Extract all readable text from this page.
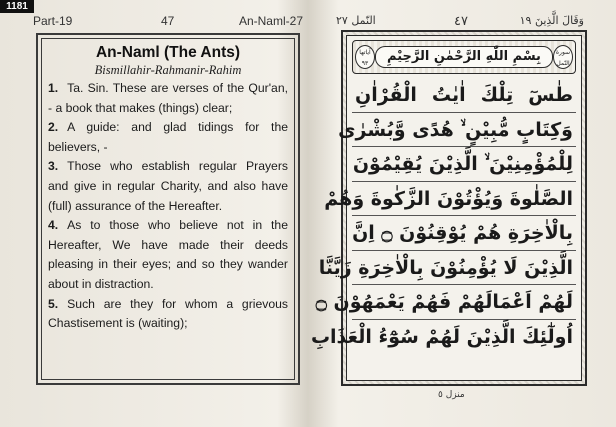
1181
Part-19	47	An-Naml-27
An-Naml (The Ants)
Bismillahir-Rahmanir-Rahim

1. Ta. Sin. These are verses of the Qur'an, - a book that makes (things) clear;

2. A guide: and glad tidings for the believers, -

3. Those who establish regular Prayers and give in regular Charity, and also have (full) assurance of the Hereafter.

4. As to those who believe not in the Hereafter, We have made their deeds pleasing in their eyes; and so they wander about in distraction.

5. Such are they for whom a grievous Chastisement is (waiting);

النّمل ٢٧	٤٧	وَقَالَ الَّذِينَ ١٩
آياتها
٩٣	بِسْمِ اللّٰهِ الرَّحْمٰنِ الرَّحِيْمِ	سورة
النّمل
طٰسٓ تِلْكَ اٰيٰتُ الْقُرْاٰنِ
وَكِتَابٍ مُّبِيْنٍ ۙ هُدًى وَّبُشْرٰى
لِلْمُؤْمِنِيْنَ ۙ الَّذِيْنَ يُقِيْمُوْنَ
الصَّلٰوةَ وَيُؤْتُوْنَ الزَّكٰوةَ وَهُمْ
بِالْاٰخِرَةِ هُمْ يُوْقِنُوْنَ ۝ اِنَّ
الَّذِيْنَ لَا يُؤْمِنُوْنَ بِالْاٰخِرَةِ زَيَّنَّا
لَهُمْ اَعْمَالَهُمْ فَهُمْ يَعْمَهُوْنَ ۝
اُولٰٓئِكَ الَّذِيْنَ لَهُمْ سُوْٓءُ الْعَذَابِ
منزل ٥
